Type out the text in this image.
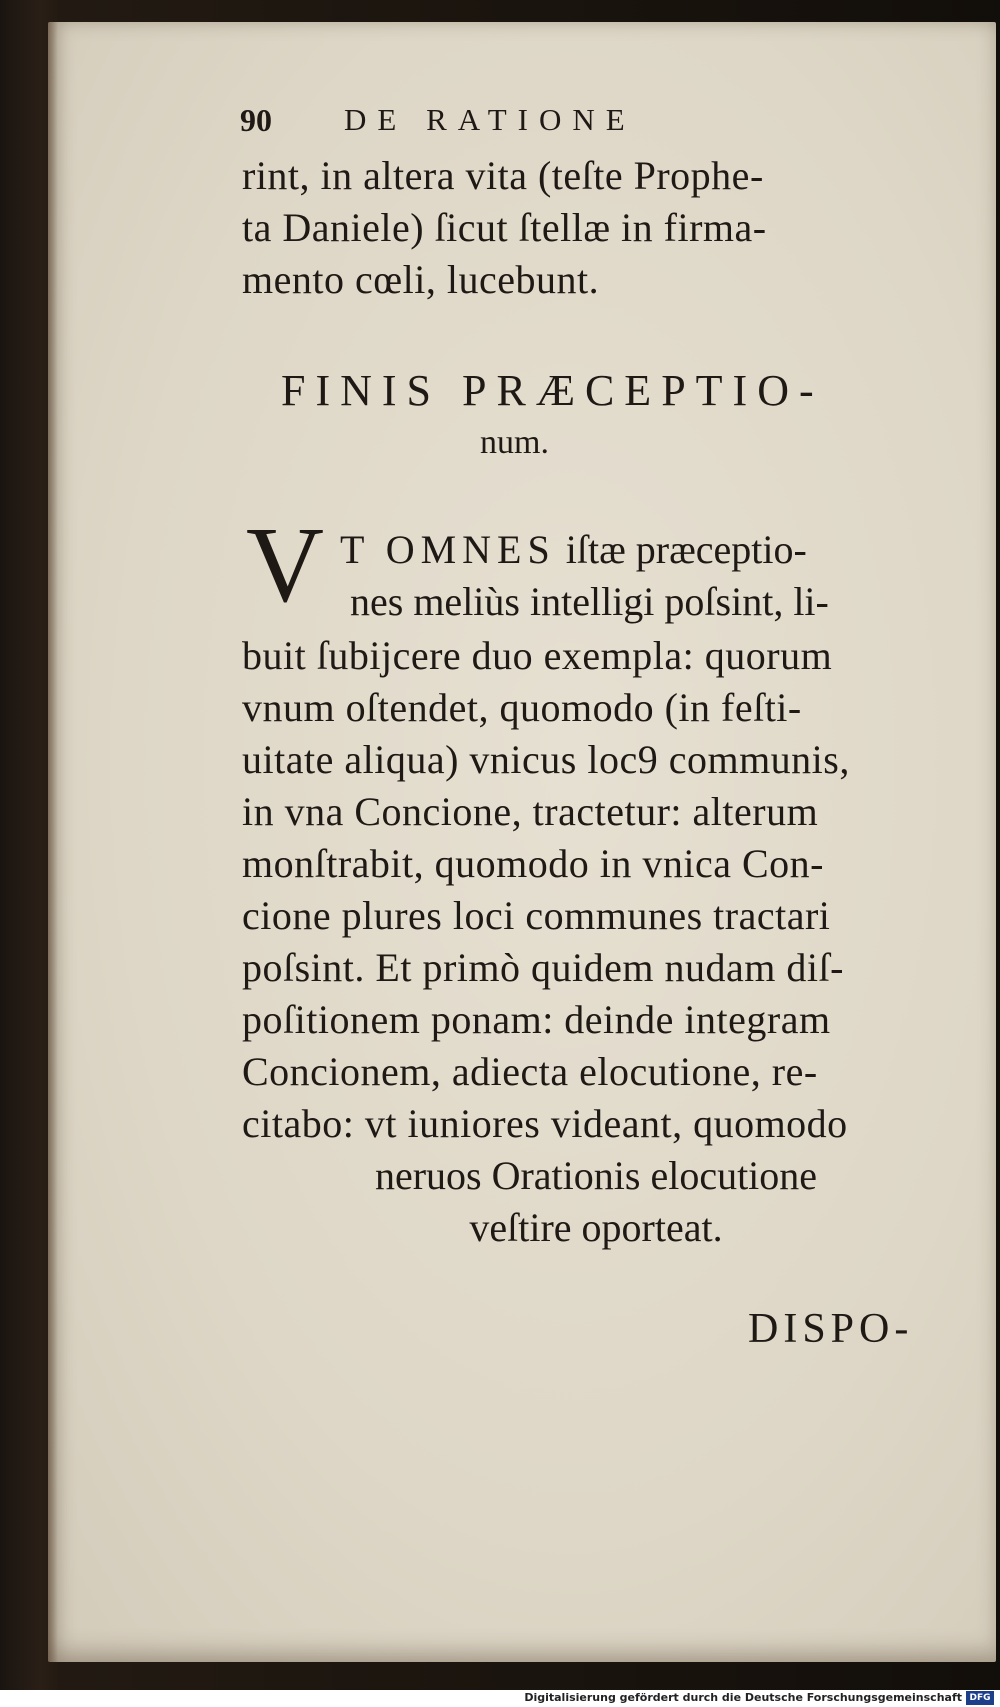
90 DE RATIONE
rint, in altera vita (teſte Prophe-
ta Daniele) ſicut ſtellæ in firma-
mento cœli, lucebunt.
FINIS PRÆCEPTIO-
num.
V T OMNES iſtæ præceptio-
nes meliùs intelligi poſsint, li-
buit ſubijcere duo exempla: quorum
vnum oſtendet, quomodo (in feſti-
uitate aliqua) vnicus loc9 communis,
in vna Concione, tractetur: alterum
monſtrabit, quomodo in vnica Con-
cione plures loci communes tractari
poſsint. Et primò quidem nudam diſ-
poſitionem ponam: deinde integram
Concionem, adiecta elocutione, re-
citabo: vt iuniores videant, quomodo
neruos Orationis elocutione
veſtire oporteat.
DISPO-
Digitalisierung gefördert durch die Deutsche Forschungsgemeinschaft DFG
